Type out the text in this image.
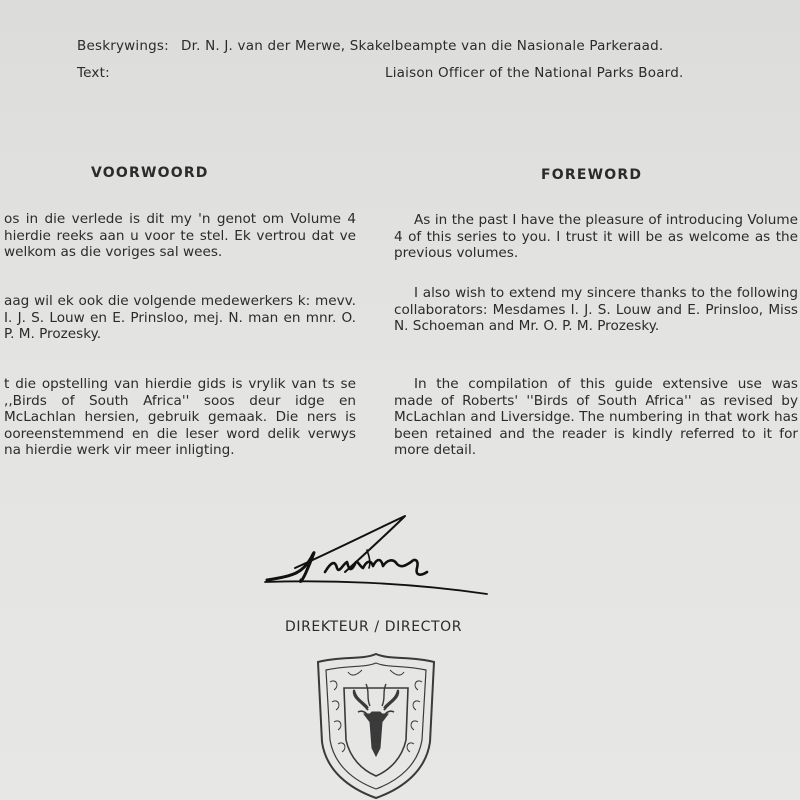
Beskrywings: Dr. N. J. van der Merwe, Skakelbeampte van die Nasionale Parkeraad.
Text:	Liaison Officer of the National Parks Board.
VOORWOORD	FOREWORD
os in die verlede is dit my 'n genot om Volume 4 hierdie reeks aan u voor te stel. Ek vertrou dat ve welkom as die voriges sal wees.
aag wil ek ook die volgende medewerkers k: mevv. I. J. S. Louw en E. Prinsloo, mej. N. man en mnr. O. P. M. Prozesky.
t die opstelling van hierdie gids is vrylik van ts se ,,Birds of South Africa'' soos deur idge en McLachlan hersien, gebruik gemaak. Die ners is ooreenstemmend en die leser word delik verwys na hierdie werk vir meer inligting.
As in the past I have the pleasure of introducing Volume 4 of this series to you. I trust it will be as welcome as the previous volumes.
I also wish to extend my sincere thanks to the following collaborators: Mesdames I. J. S. Louw and E. Prinsloo, Miss N. Schoeman and Mr. O. P. M. Prozesky.
In the compilation of this guide extensive use was made of Roberts' ''Birds of South Africa'' as revised by McLachlan and Liversidge. The numbering in that work has been retained and the reader is kindly referred to it for more detail.
DIREKTEUR / DIRECTOR
